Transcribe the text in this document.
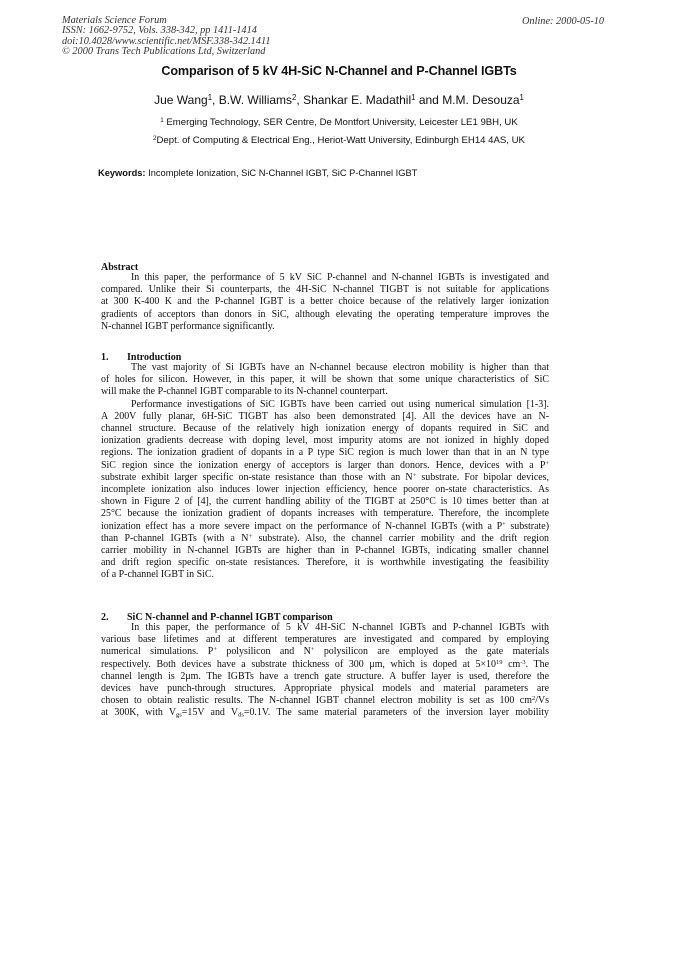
Materials Science Forum
ISSN: 1662-9752, Vols. 338-342, pp 1411-1414
doi:10.4028/www.scientific.net/MSF.338-342.1411
© 2000 Trans Tech Publications Ltd, Switzerland
Online: 2000-05-10
Comparison of 5 kV 4H-SiC N-Channel and P-Channel IGBTs
Jue Wang$^1$, B.W. Williams$^2$, Shankar E. Madathil$^1$ and M.M. Desouza$^1$
$^1$ Emerging Technology, SER Centre, De Montfort University, Leicester LE1 9BH, UK
$^2$Dept. of Computing & Electrical Eng., Heriot-Watt University, Edinburgh EH14 4AS, UK
Keywords: Incomplete Ionization, SiC N-Channel IGBT, SiC P-Channel IGBT
Abstract
In this paper, the performance of 5 kV SiC P-channel and N-channel IGBTs is investigated and
compared. Unlike their Si counterparts, the 4H-SiC N-channel TIGBT is not suitable for applications
at 300 K-400 K and the P-channel IGBT is a better choice because of the relatively larger ionization
gradients of acceptors than donors in SiC, although elevating the operating temperature improves the
N-channel IGBT performance significantly.
1. Introduction
The vast majority of Si IGBTs have an N-channel because electron mobility is higher than that
of holes for silicon. However, in this paper, it will be shown that some unique characteristics of SiC
will make the P-channel IGBT comparable to its N-channel counterpart.
Performance investigations of SiC IGBTs have been carried out using numerical simulation [1-3].
A 200V fully planar, 6H-SiC TIGBT has also been demonstrated [4]. All the devices have an N-
channel structure. Because of the relatively high ionization energy of dopants required in SiC and
ionization gradients decrease with doping level, most impurity atoms are not ionized in highly doped
regions. The ionization gradient of dopants in a P type SiC region is much lower than that in an N type
SiC region since the ionization energy of acceptors is larger than donors. Hence, devices with a P+
substrate exhibit larger specific on-state resistance than those with an N+ substrate. For bipolar devices,
incomplete ionization also induces lower injection efficiency, hence poorer on-state characteristics. As
shown in Figure 2 of [4], the current handling ability of the TIGBT at 250°C is 10 times better than at
25°C because the ionization gradient of dopants increases with temperature. Therefore, the incomplete
ionization effect has a more severe impact on the performance of N-channel IGBTs (with a P+ substrate)
than P-channel IGBTs (with a N+ substrate). Also, the channel carrier mobility and the drift region
carrier mobility in N-channel IGBTs are higher than in P-channel IGBTs, indicating smaller channel
and drift region specific on-state resistances. Therefore, it is worthwhile investigating the feasibility
of a P-channel IGBT in SiC.
2. SiC N-channel and P-channel IGBT comparison
In this paper, the performance of 5 kV 4H-SiC N-channel IGBTs and P-channel IGBTs with
various base lifetimes and at different temperatures are investigated and compared by employing
numerical simulations. P+ polysilicon and N+ polysilicon are employed as the gate materials
respectively. Both devices have a substrate thickness of 300 μm, which is doped at $5\times 10^{19}$ $cm^{-3}$. The
channel length is 2μm. The IGBTs have a trench gate structure. A buffer layer is used, therefore the
devices have punch-through structures. Appropriate physical models and material parameters are
chosen to obtain realistic results. The N-channel IGBT channel electron mobility is set as 100 $cm^2/Vs$
at 300K, with $V_{gs}=15V$ and $V_{ds}=0.1V$. The same material parameters of the inversion layer mobility
